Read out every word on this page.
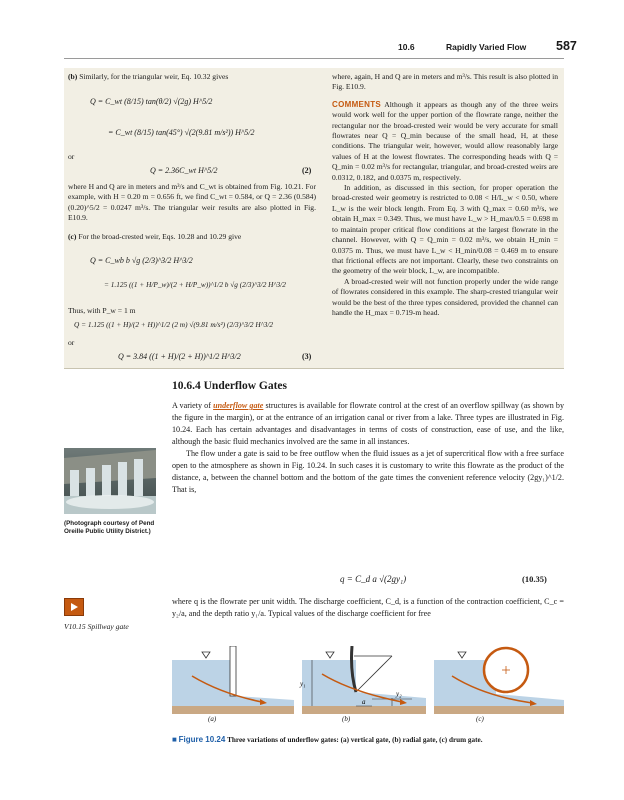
10.6	Rapidly Varied Flow 587

(b) Similarly, for the triangular weir, Eq. 10.32 gives

Q = C_wt (8/15) tan(θ/2) √(2g) H^5/2
= C_wt (8/15) tan(45°) √(2(9.81 m/s²)) H^5/2
or
Q = 2.36C_wt H^5/2	(2)

where H and Q are in meters and m³/s and C_wt is obtained from Fig. 10.21. For example, with H = 0.20 m = 0.656 ft, we find C_wt = 0.584, or Q = 2.36 (0.584)(0.20)^5/2 = 0.0247 m³/s. The triangular weir results are also plotted in Fig. E10.9.

(c) For the broad-crested weir, Eqs. 10.28 and 10.29 give

Q = C_wb b √g (2/3)^3/2 H^3/2
= 1.125 ((1 + H/P_w)/(2 + H/P_w))^1/2 b √g (2/3)^3/2 H^3/2
Thus, with P_w = 1 m
Q = 1.125 ((1 + H)/(2 + H))^1/2 (2 m) √(9.81 m/s²) (2/3)^3/2 H^3/2
or
Q = 3.84 ((1 + H)/(2 + H))^1/2 H^3/2	(3)

where, again, H and Q are in meters and m³/s. This result is also plotted in Fig. E10.9.

COMMENTS Although it appears as though any of the three weirs would work well for the upper portion of the flowrate range, neither the rectangular nor the broad-crested weir would be very accurate for small flowrates near Q = Q_min because of the small head, H, at these conditions. The triangular weir, however, would allow reasonably large values of H at the lowest flowrates. The corresponding heads with Q = Q_min = 0.02 m³/s for rectangular, triangular, and broad-crested weirs are 0.0312, 0.182, and 0.0375 m, respectively.

In addition, as discussed in this section, for proper operation the broad-crested weir geometry is restricted to 0.08 < H/L_w < 0.50, where L_w is the weir block length. From Eq. 3 with Q_max = 0.60 m³/s, we obtain H_max = 0.349. Thus, we must have L_w > H_max/0.5 = 0.698 m to maintain proper critical flow conditions at the largest flowrate in the channel. However, with Q = Q_min = 0.02 m³/s, we obtain H_min = 0.0375 m. Thus, we must have L_w < H_min/0.08 = 0.469 m to ensure that frictional effects are not important. Clearly, these two constraints on the geometry of the weir block, L_w, are incompatible.

A broad-crested weir will not function properly under the wide range of flowrates considered in this example. The sharp-crested triangular weir would be the best of the three types considered, provided the channel can handle the H_max = 0.719-m head.

10.6.4 Underflow Gates

A variety of underflow gate structures is available for flowrate control at the crest of an overflow spillway (as shown by the figure in the margin), or at the entrance of an irrigation canal or river from a lake. Three types are illustrated in Fig. 10.24. Each has certain advantages and disadvantages in terms of costs of construction, ease of use, and the like, although the basic fluid mechanics involved are the same in all instances.

The flow under a gate is said to be free outflow when the fluid issues as a jet of supercritical flow with a free surface open to the atmosphere as shown in Fig. 10.24. In such cases it is customary to write this flowrate as the product of the distance, a, between the channel bottom and the bottom of the gate times the convenient reference velocity (2gy₁)^1/2. That is,

q = C_d a √(2gy₁)	(10.35)

where q is the flowrate per unit width. The discharge coefficient, C_d, is a function of the contraction coefficient, C_c = y₂/a, and the depth ratio y₁/a. Typical values of the discharge coefficient for free

(Photograph courtesy of Pend Oreille Public Utility District.)
V10.15 Spillway gate
y₁
y₂
a
(a)	(b)	(c)
■ Figure 10.24 Three variations of underflow gates: (a) vertical gate, (b) radial gate, (c) drum gate.
